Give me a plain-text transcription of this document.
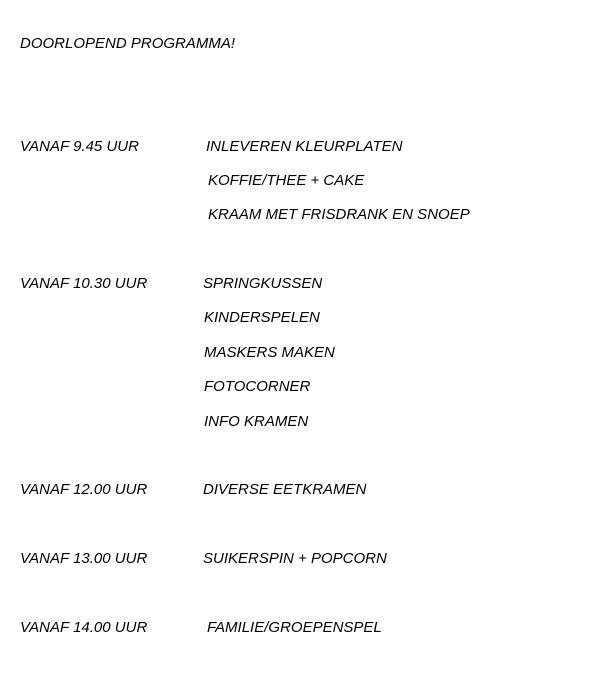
DOORLOPEND PROGRAMMA!
VANAF 9.45 UUR	INLEVEREN KLEURPLATEN
KOFFIE/THEE + CAKE
KRAAM MET FRISDRANK EN SNOEP
VANAF 10.30 UUR	SPRINGKUSSEN
KINDERSPELEN
MASKERS MAKEN
FOTOCORNER
INFO KRAMEN
VANAF 12.00 UUR	DIVERSE EETKRAMEN
VANAF 13.00 UUR	SUIKERSPIN + POPCORN
VANAF 14.00 UUR	FAMILIE/GROEPENSPEL
